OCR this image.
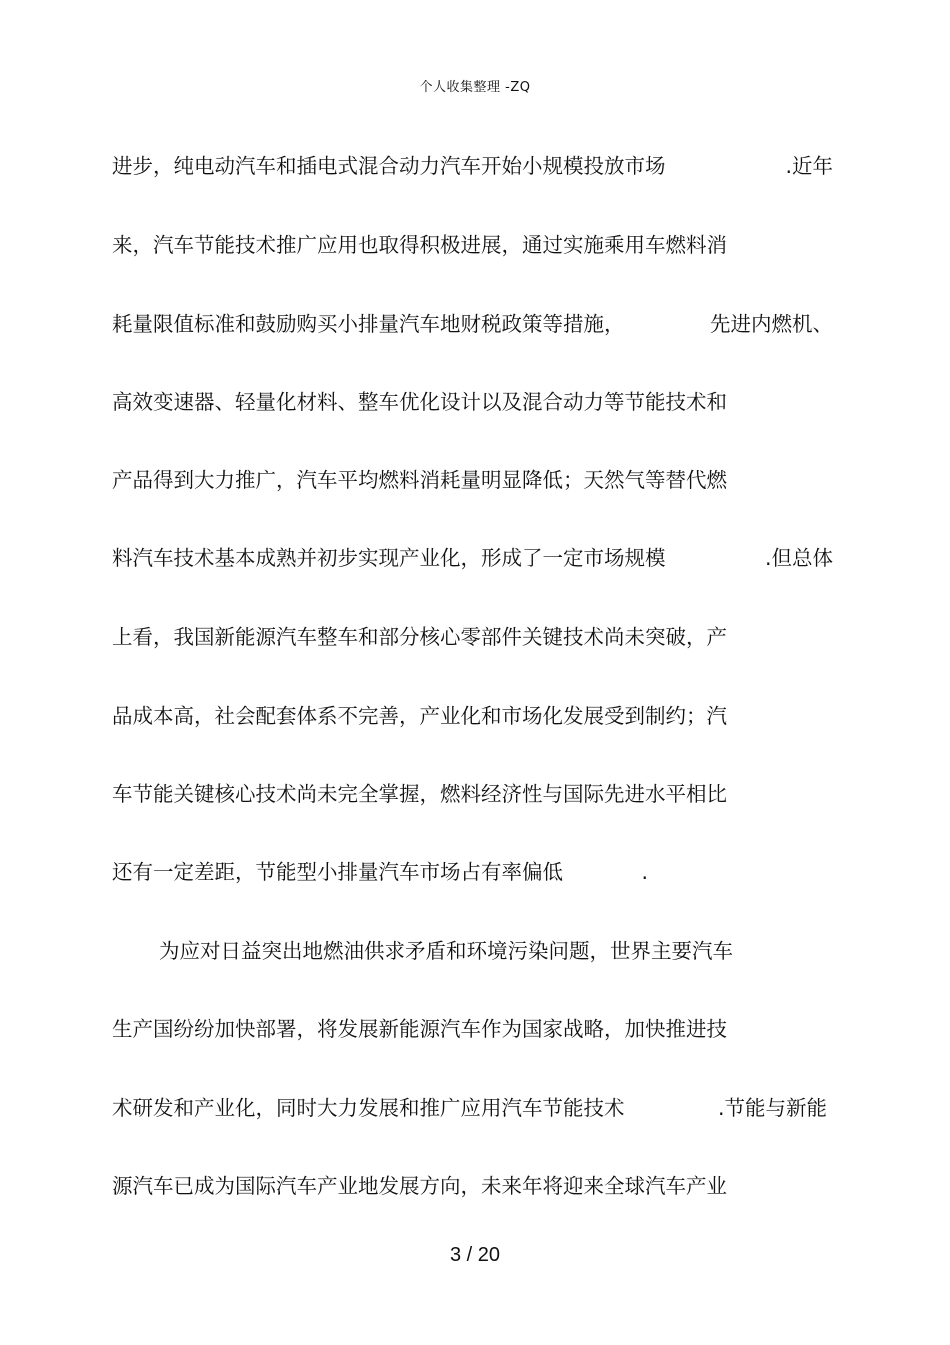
个人收集整理 -ZQ
进步，纯电动汽车和插电式混合动力汽车开始小规模投放市场	.近年
来，汽车节能技术推广应用也取得积极进展，通过实施乘用车燃料消
耗量限值标准和鼓励购买小排量汽车地财税政策等措施，	先进内燃机、
高效变速器、轻量化材料、整车优化设计以及混合动力等节能技术和
产品得到大力推广，汽车平均燃料消耗量明显降低；天然气等替代燃
料汽车技术基本成熟并初步实现产业化，形成了一定市场规模	.但总体
上看，我国新能源汽车整车和部分核心零部件关键技术尚未突破，产
品成本高，社会配套体系不完善，产业化和市场化发展受到制约；汽
车节能关键核心技术尚未完全掌握，燃料经济性与国际先进水平相比
还有一定差距，节能型小排量汽车市场占有率偏低	.
为应对日益突出地燃油供求矛盾和环境污染问题，世界主要汽车
生产国纷纷加快部署，将发展新能源汽车作为国家战略，加快推进技
术研发和产业化，同时大力发展和推广应用汽车节能技术	.节能与新能
源汽车已成为国际汽车产业地发展方向，未来年将迎来全球汽车产业
3 / 20
